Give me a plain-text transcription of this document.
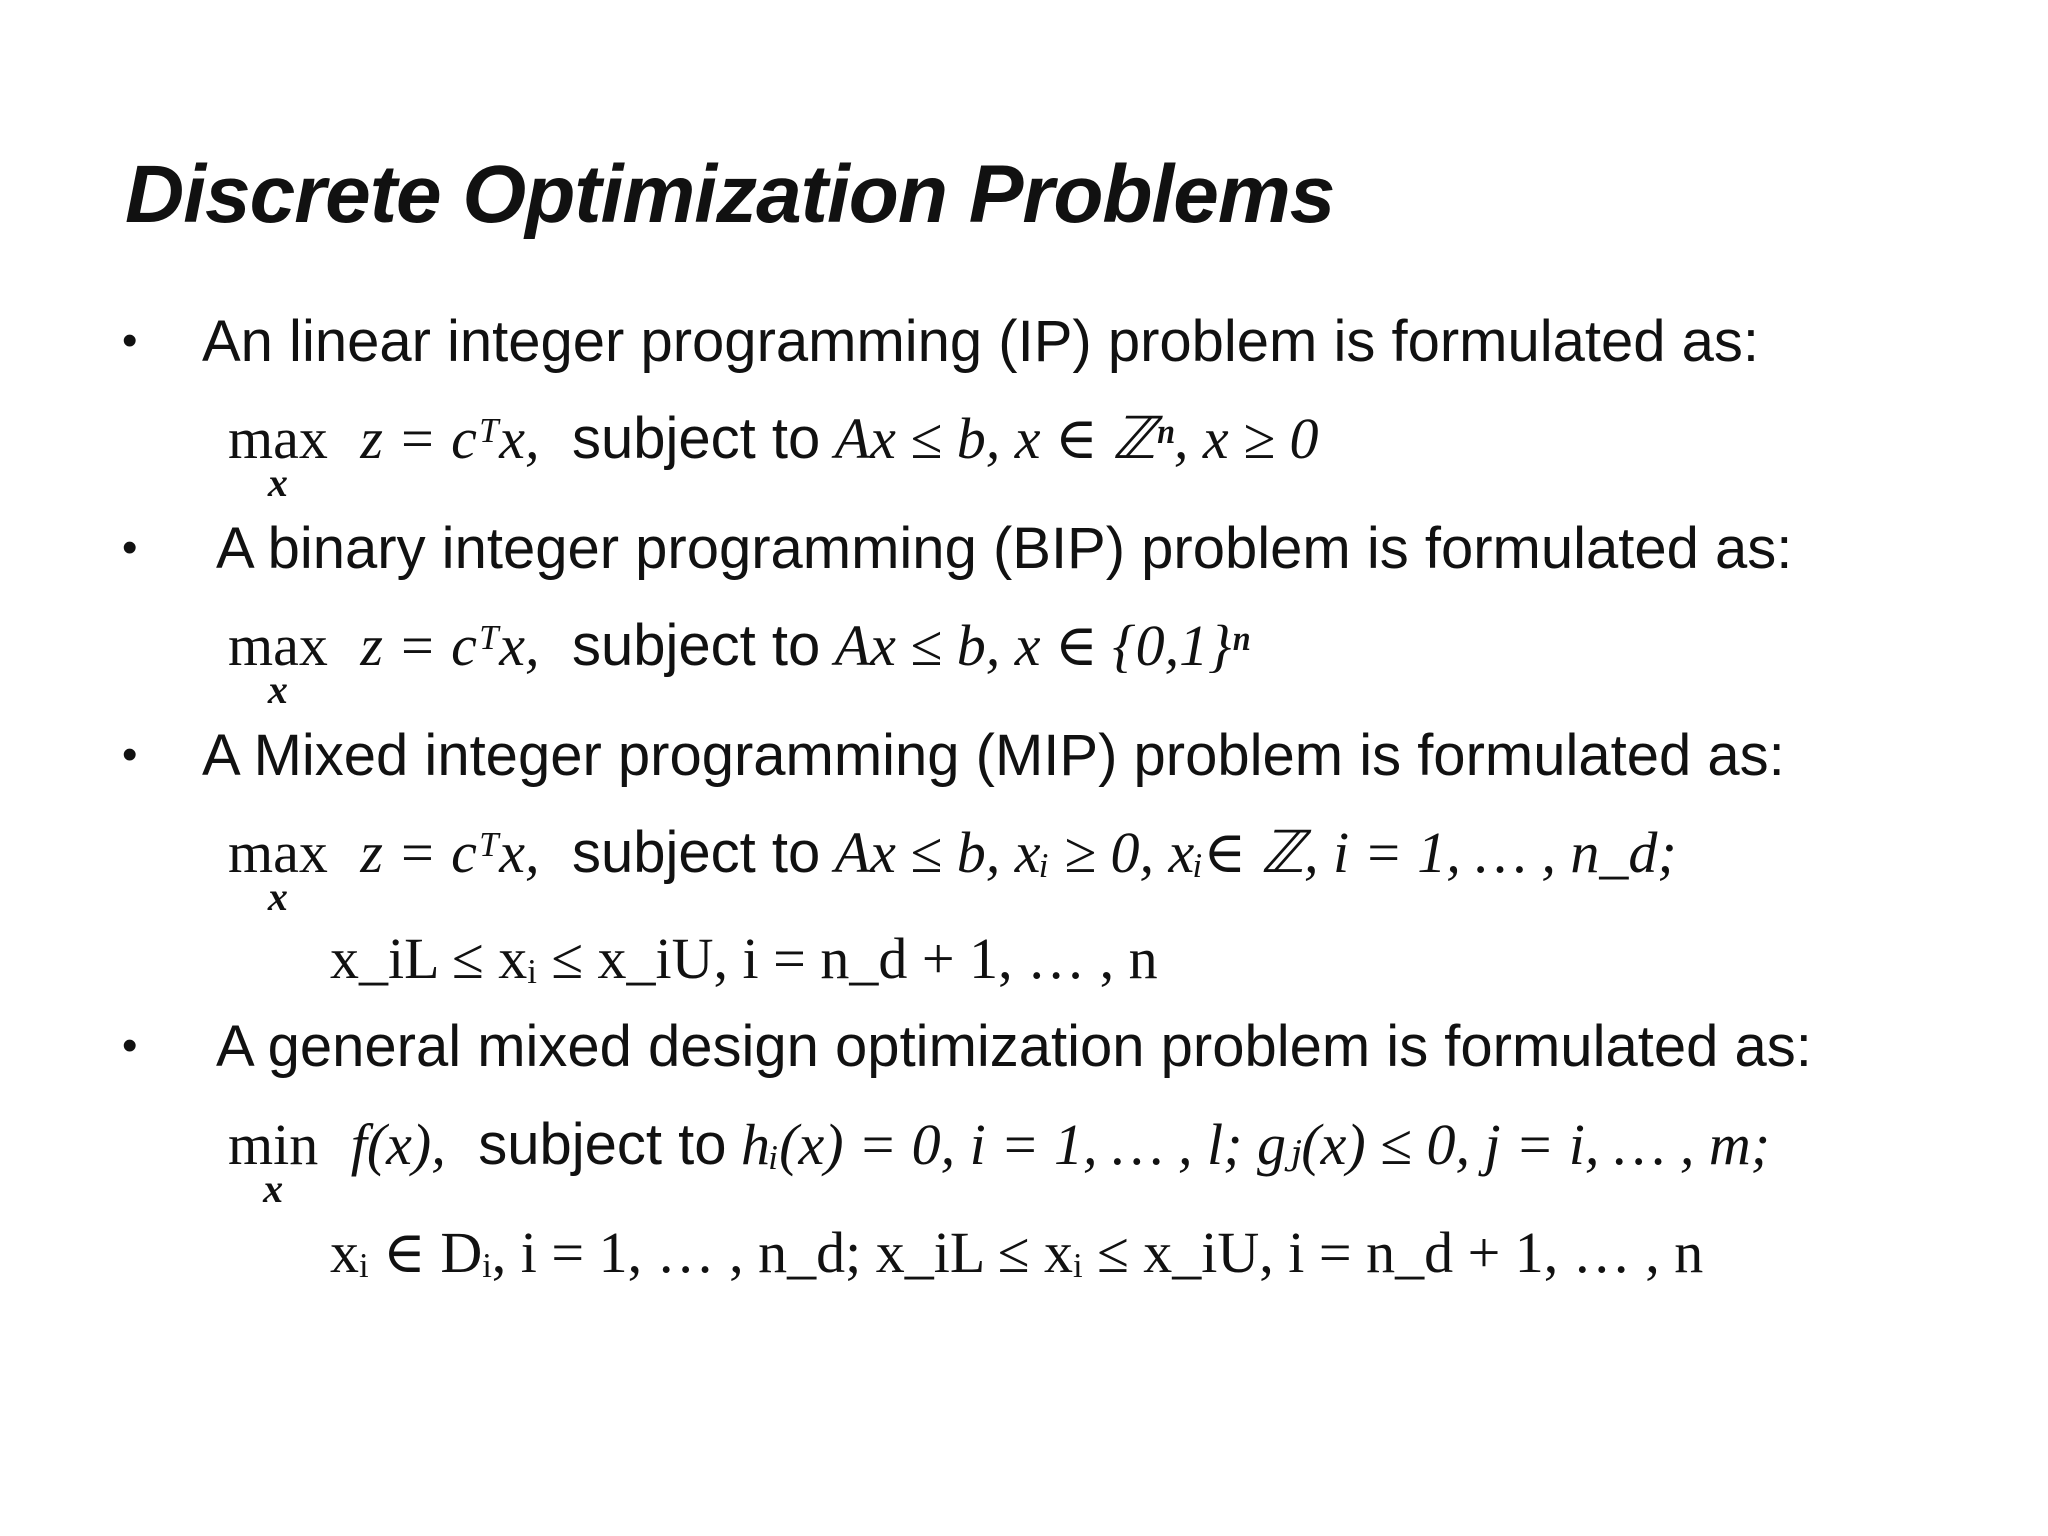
Discrete Optimization Problems
• An linear integer programming (IP) problem is formulated as:
max
x
z = cᵀx, subject to Ax ≤ b, x ∈ ℤⁿ, x ≥ 0
• A binary integer programming (BIP) problem is formulated as:
max
x
z = cᵀx, subject to Ax ≤ b, x ∈ {0,1}ⁿ
• A Mixed integer programming (MIP) problem is formulated as:
max
x
z = cᵀx, subject to Ax ≤ b, xᵢ ≥ 0, xᵢ∈ ℤ, i = 1, … , n_d;
x_iL ≤ xᵢ ≤ x_iU, i = n_d + 1, … , n
• A general mixed design optimization problem is formulated as:
min
x
f(x), subject to hᵢ(x) = 0, i = 1, … , l; gⱼ(x) ≤ 0, j = i, … , m;
xᵢ ∈ Dᵢ, i = 1, … , n_d; x_iL ≤ xᵢ ≤ x_iU, i = n_d + 1, … , n
